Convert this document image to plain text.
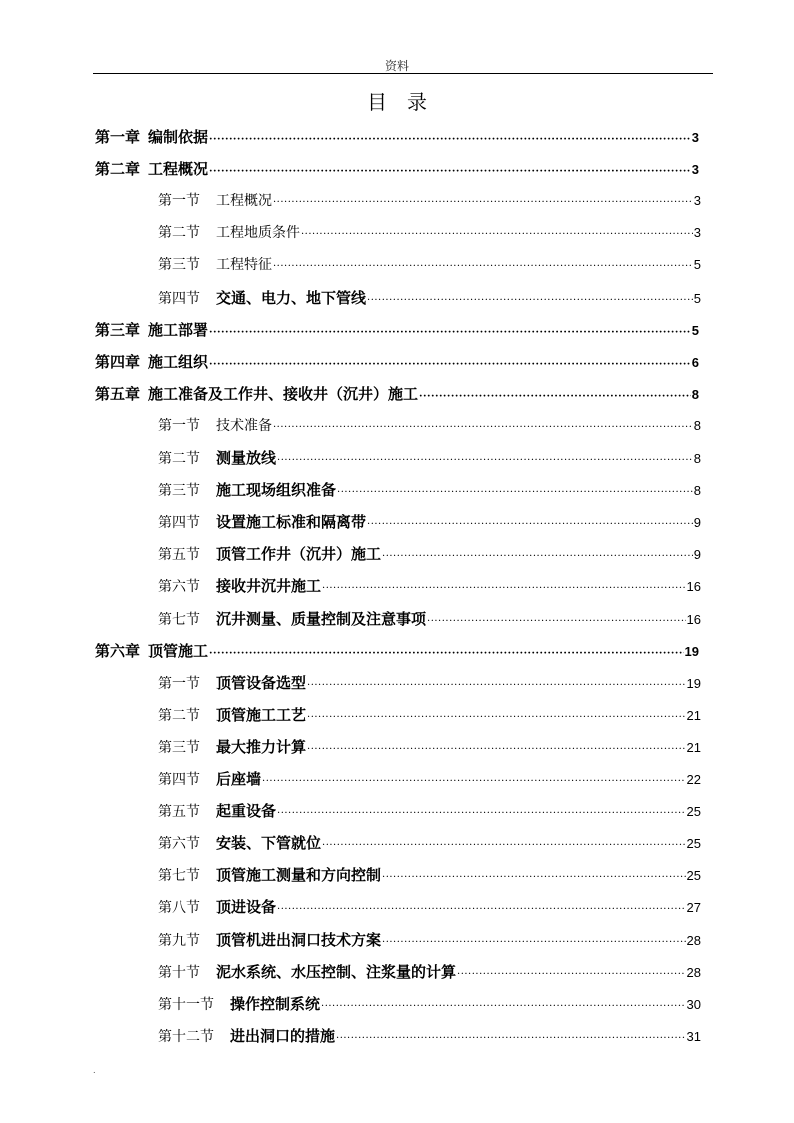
资料
目录
第一章 编制依据 ·····	3
第二章 工程概况 ·····	3
第一节 工程概况 ·····	3
第二节 工程地质条件 ·····	3
第三节 工程特征 ·····	5
第四节 交通、电力、地下管线 ·····	5
第三章 施工部署 ·····	5
第四章 施工组织 ·····	6
第五章 施工准备及工作井、接收井（沉井）施工 ·····	8
第一节 技术准备 ·····	8
第二节 测量放线 ·····	8
第三节 施工现场组织准备 ·····	8
第四节 设置施工标准和隔离带 ·····	9
第五节 顶管工作井（沉井）施工 ·····	9
第六节 接收井沉井施工 ·····	16
第七节 沉井测量、质量控制及注意事项 ·····	16
第六章 顶管施工 ·····	19
第一节 顶管设备选型 ·····	19
第二节 顶管施工工艺 ·····	21
第三节 最大推力计算 ·····	21
第四节 后座墙 ·····	22
第五节 起重设备 ·····	25
第六节 安装、下管就位 ·····	25
第七节 顶管施工测量和方向控制 ·····	25
第八节 顶进设备 ·····	27
第九节 顶管机进出洞口技术方案 ·····	28
第十节 泥水系统、水压控制、注浆量的计算 ·····	28
第十一节 操作控制系统 ·····	30
第十二节 进出洞口的措施 ·····	31
.
